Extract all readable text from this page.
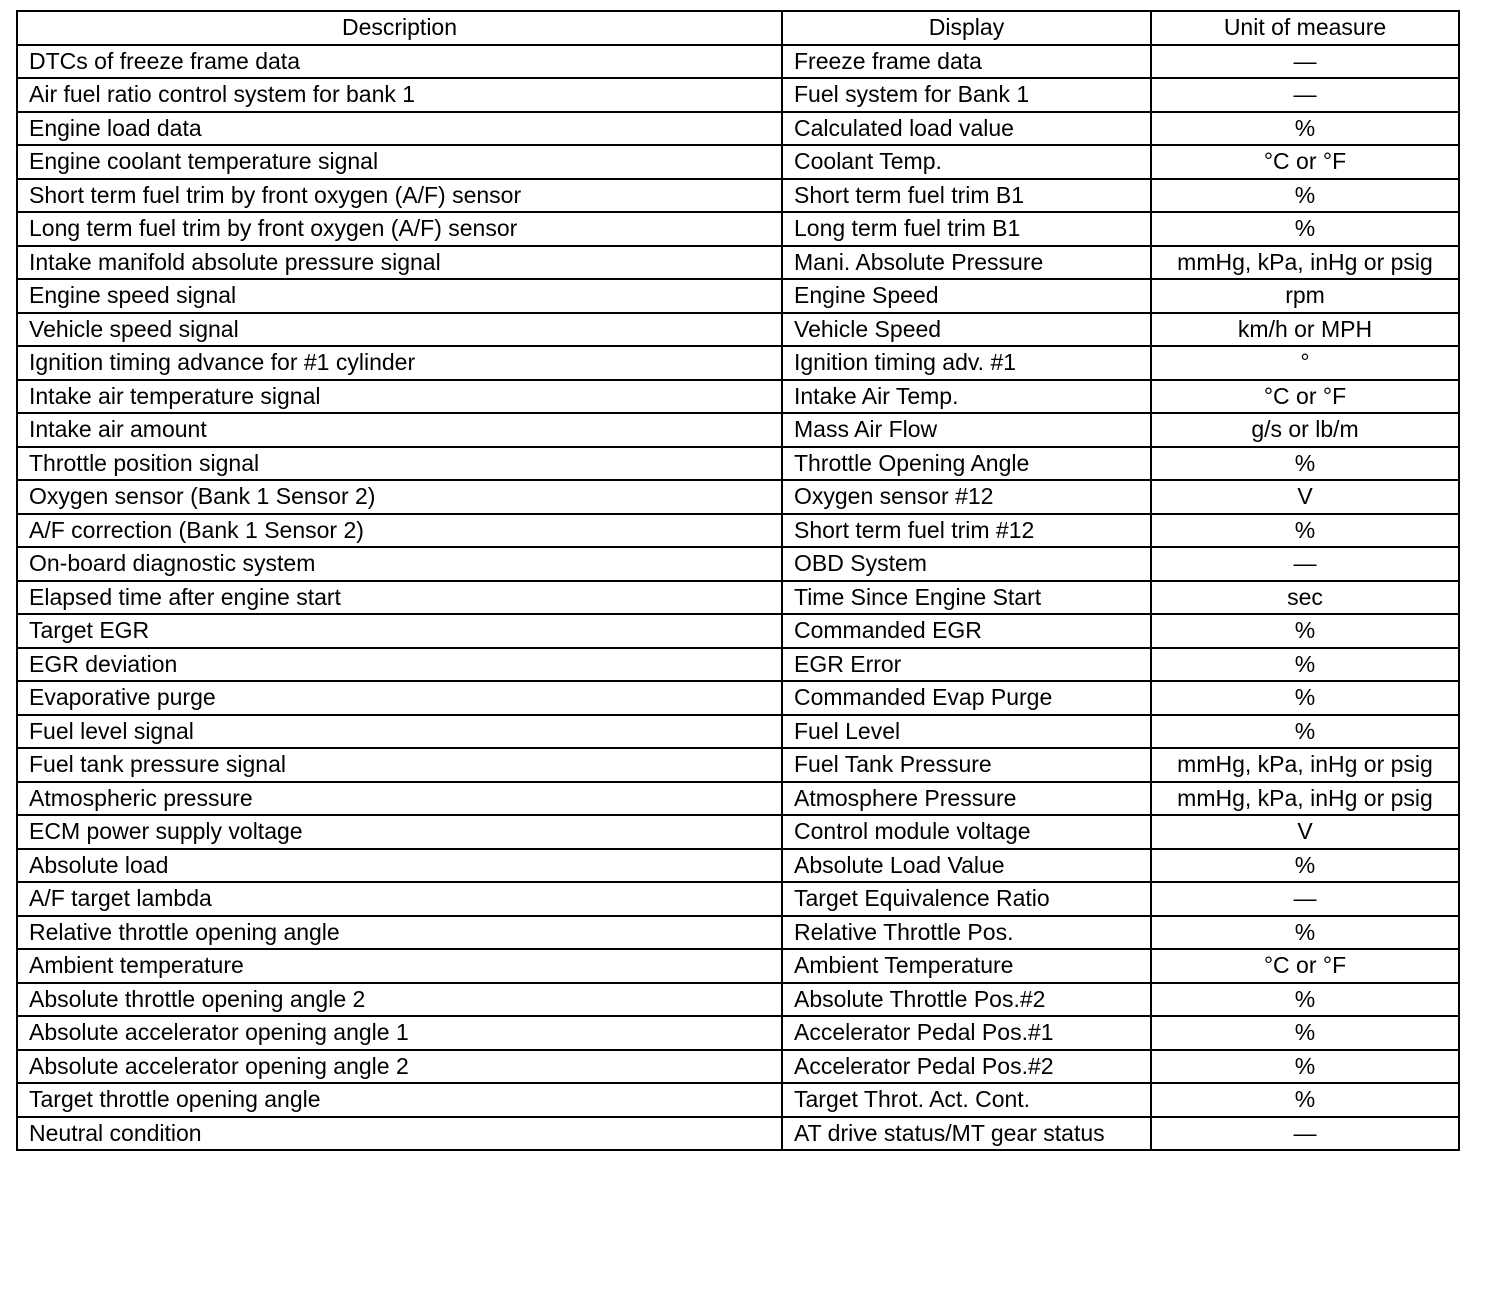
Description	Display	Unit of measure
DTCs of freeze frame data	Freeze frame data	—
Air fuel ratio control system for bank 1	Fuel system for Bank 1	—
Engine load data	Calculated load value	%
Engine coolant temperature signal	Coolant Temp.	°C or °F
Short term fuel trim by front oxygen (A/F) sensor	Short term fuel trim B1	%
Long term fuel trim by front oxygen (A/F) sensor	Long term fuel trim B1	%
Intake manifold absolute pressure signal	Mani. Absolute Pressure	mmHg, kPa, inHg or psig
Engine speed signal	Engine Speed	rpm
Vehicle speed signal	Vehicle Speed	km/h or MPH
Ignition timing advance for #1 cylinder	Ignition timing adv. #1	°
Intake air temperature signal	Intake Air Temp.	°C or °F
Intake air amount	Mass Air Flow	g/s or lb/m
Throttle position signal	Throttle Opening Angle	%
Oxygen sensor (Bank 1 Sensor 2)	Oxygen sensor #12	V
A/F correction (Bank 1 Sensor 2)	Short term fuel trim #12	%
On-board diagnostic system	OBD System	—
Elapsed time after engine start	Time Since Engine Start	sec
Target EGR	Commanded EGR	%
EGR deviation	EGR Error	%
Evaporative purge	Commanded Evap Purge	%
Fuel level signal	Fuel Level	%
Fuel tank pressure signal	Fuel Tank Pressure	mmHg, kPa, inHg or psig
Atmospheric pressure	Atmosphere Pressure	mmHg, kPa, inHg or psig
ECM power supply voltage	Control module voltage	V
Absolute load	Absolute Load Value	%
A/F target lambda	Target Equivalence Ratio	—
Relative throttle opening angle	Relative Throttle Pos.	%
Ambient temperature	Ambient Temperature	°C or °F
Absolute throttle opening angle 2	Absolute Throttle Pos.#2	%
Absolute accelerator opening angle 1	Accelerator Pedal Pos.#1	%
Absolute accelerator opening angle 2	Accelerator Pedal Pos.#2	%
Target throttle opening angle	Target Throt. Act. Cont.	%
Neutral condition	AT drive status/MT gear status	—
